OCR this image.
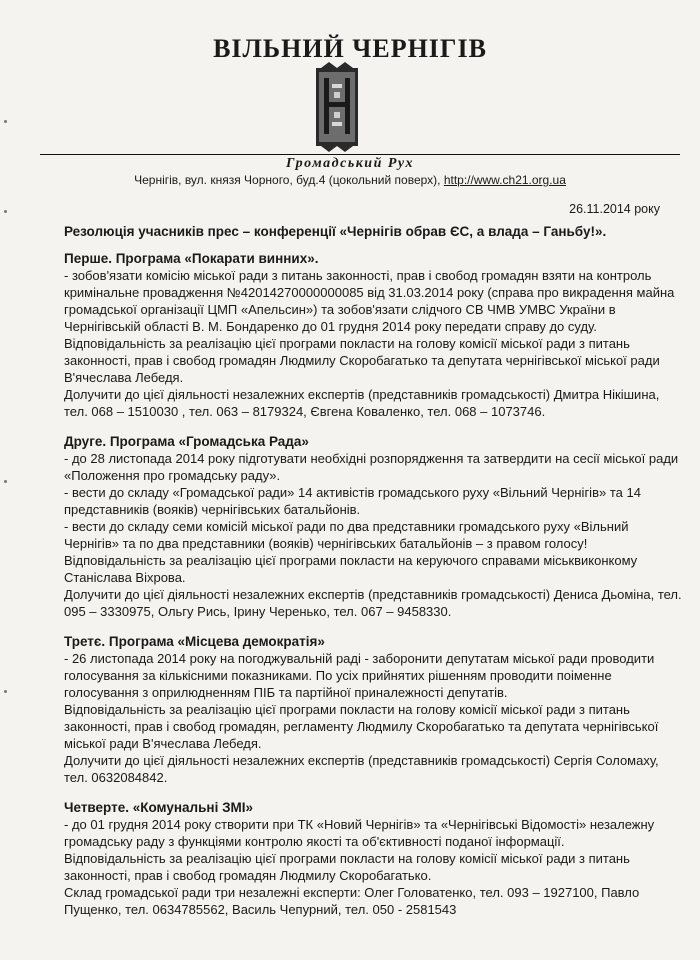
ВІЛЬНИЙ ЧЕРНІГІВ
Громадський Рух
Чернігів, вул. князя Чорного, буд.4 (цокольний поверх), http://www.ch21.org.ua
26.11.2014 року
Резолюція учасників прес – конференції «Чернігів обрав ЄС, а влада – Ганьбу!».
Перше. Програма «Покарати винних».

- зобов'язати комісію міської ради з питань законності, прав і свобод громадян взяти на контроль кримінальне провадження №42014270000000085 від 31.03.2014 року (справа про викрадення майна громадської організації ЦМП «Апельсин») та зобов'язати слідчого СВ ЧМВ УМВС України в Чернігівській області В. М. Бондаренко до 01 грудня 2014 року передати справу до суду.

Відповідальність за реалізацію цієї програми покласти на голову комісії міської ради з питань законності, прав і свобод громадян Людмилу Скоробагатько та депутата чернігівської міської ради В'ячеслава Лебедя.

Долучити до цієї діяльності незалежних експертів (представників громадськості) Дмитра Нікішина, тел. 068 – 1510030 , тел. 063 – 8179324, Євгена Коваленко, тел. 068 – 1073746.

Друге. Програма «Громадська Рада»

- до 28 листопада 2014 року підготувати необхідні розпорядження та затвердити на сесії міської ради «Положення про громадську раду».

- вести до складу «Громадської ради» 14 активістів громадського руху «Вільний Чернігів» та 14 представників (вояків) чернігівських батальйонів.

- вести до складу семи комісій міської ради по два представники громадського руху «Вільний Чернігів» та по два представники (вояків) чернігівських батальйонів – з правом голосу!

Відповідальність за реалізацію цієї програми покласти на керуючого справами міськвиконкому Станіслава Віхрова.

Долучити до цієї діяльності незалежних експертів (представників громадськості) Дениса Дьоміна, тел. 095 – 3330975, Ольгу Рись, Ірину Черенько, тел. 067 – 9458330.

Третє. Програма «Місцева демократія»

- 26 листопада 2014 року на погоджувальній раді - заборонити депутатам міської ради проводити голосування за кількісними показниками. По усіх прийнятих рішенням проводити поіменне голосування з оприлюдненням ПІБ та партійної приналежності депутатів.

Відповідальність за реалізацію цієї програми покласти на голову комісії міської ради з питань законності, прав і свобод громадян, регламенту Людмилу Скоробагатько та депутата чернігівської міської ради В'ячеслава Лебедя.

Долучити до цієї діяльності незалежних експертів (представників громадськості) Сергія Соломаху, тел. 0632084842.

Четверте. «Комунальні ЗМІ»

- до 01 грудня 2014 року створити при ТК «Новий Чернігів» та «Чернігівські Відомості» незалежну громадську раду з функціями контролю якості та об'єктивності поданої інформації.

Відповідальність за реалізацію цієї програми покласти на голову комісії міської ради з питань законності, прав і свобод громадян Людмилу Скоробагатько.

Склад громадської ради три незалежні експерти: Олег Головатенко, тел. 093 – 1927100, Павло Пущенко, тел. 0634785562, Василь Чепурний, тел. 050 - 2581543
